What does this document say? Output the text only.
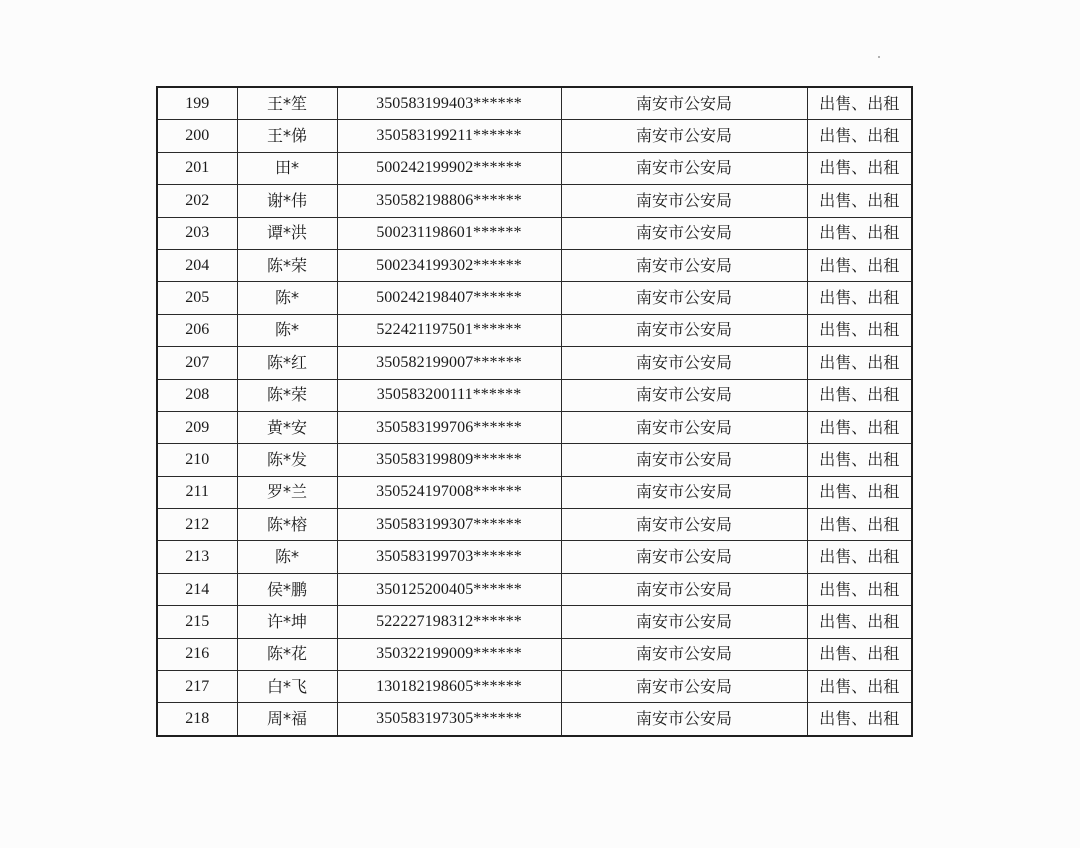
199	王*笙	350583199403******	南安市公安局	出售、出租
200	王*俤	350583199211******	南安市公安局	出售、出租
201	田*	500242199902******	南安市公安局	出售、出租
202	谢*伟	350582198806******	南安市公安局	出售、出租
203	谭*洪	500231198601******	南安市公安局	出售、出租
204	陈*荣	500234199302******	南安市公安局	出售、出租
205	陈*	500242198407******	南安市公安局	出售、出租
206	陈*	522421197501******	南安市公安局	出售、出租
207	陈*红	350582199007******	南安市公安局	出售、出租
208	陈*荣	350583200111******	南安市公安局	出售、出租
209	黄*安	350583199706******	南安市公安局	出售、出租
210	陈*发	350583199809******	南安市公安局	出售、出租
211	罗*兰	350524197008******	南安市公安局	出售、出租
212	陈*榕	350583199307******	南安市公安局	出售、出租
213	陈*	350583199703******	南安市公安局	出售、出租
214	侯*鹏	350125200405******	南安市公安局	出售、出租
215	许*坤	522227198312******	南安市公安局	出售、出租
216	陈*花	350322199009******	南安市公安局	出售、出租
217	白*飞	130182198605******	南安市公安局	出售、出租
218	周*福	350583197305******	南安市公安局	出售、出租
